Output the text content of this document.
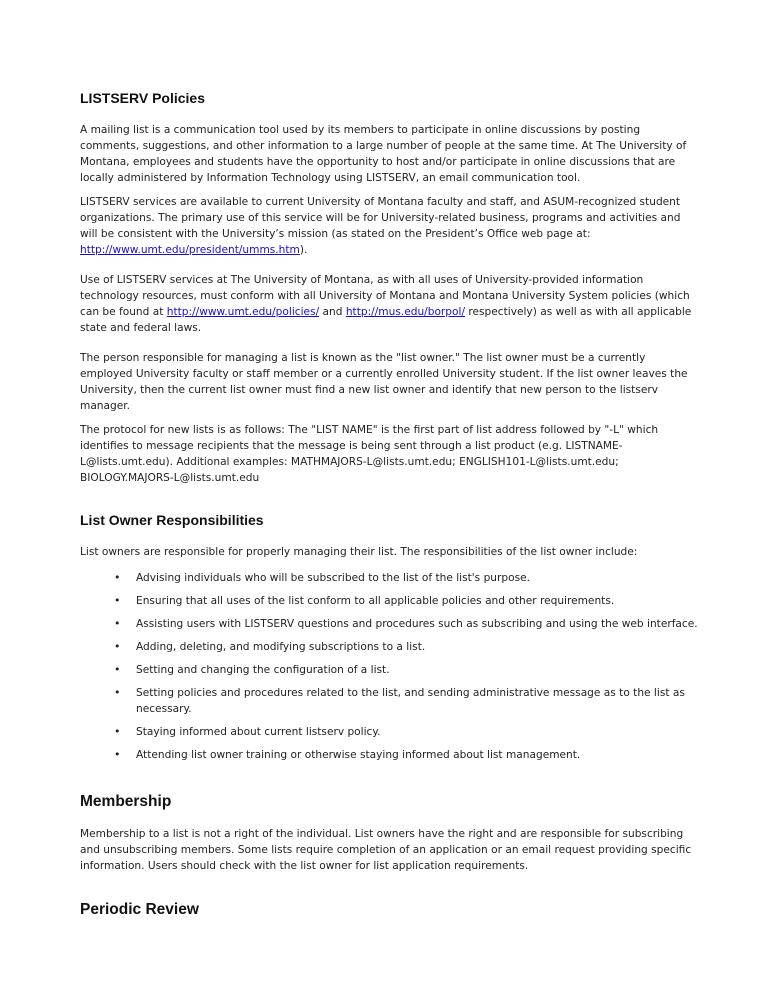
LISTSERV Policies

A mailing list is a communication tool used by its members to participate in online discussions by posting comments, suggestions, and other information to a large number of people at the same time. At The University of Montana, employees and students have the opportunity to host and/or participate in online discussions that are locally administered by Information Technology using LISTSERV, an email communication tool.

LISTSERV services are available to current University of Montana faculty and staff, and ASUM-recognized student organizations. The primary use of this service will be for University-related business, programs and activities and will be consistent with the University’s mission (as stated on the President’s Office web page at: http://www.umt.edu/president/umms.htm).

Use of LISTSERV services at The University of Montana, as with all uses of University-provided information technology resources, must conform with all University of Montana and Montana University System policies (which can be found at http://www.umt.edu/policies/ and http://mus.edu/borpol/ respectively) as well as with all applicable state and federal laws.

The person responsible for managing a list is known as the "list owner." The list owner must be a currently employed University faculty or staff member or a currently enrolled University student. If the list owner leaves the University, then the current list owner must find a new list owner and identify that new person to the listserv manager.

The protocol for new lists is as follows: The "LIST NAME" is the first part of list address followed by "-L" which identifies to message recipients that the message is being sent through a list product (e.g. LISTNAME-L@lists.umt.edu). Additional examples: MATHMAJORS-L@lists.umt.edu; ENGLISH101-L@lists.umt.edu; BIOLOGY.MAJORS-L@lists.umt.edu

List Owner Responsibilities

List owners are responsible for properly managing their list. The responsibilities of the list owner include:

• Advising individuals who will be subscribed to the list of the list's purpose.
• Ensuring that all uses of the list conform to all applicable policies and other requirements.
• Assisting users with LISTSERV questions and procedures such as subscribing and using the web interface.
• Adding, deleting, and modifying subscriptions to a list.
• Setting and changing the configuration of a list.
• Setting policies and procedures related to the list, and sending administrative message as to the list as necessary.
• Staying informed about current listserv policy.
• Attending list owner training or otherwise staying informed about list management.
Membership

Membership to a list is not a right of the individual. List owners have the right and are responsible for subscribing and unsubscribing members. Some lists require completion of an application or an email request providing specific information. Users should check with the list owner for list application requirements.

Periodic Review
